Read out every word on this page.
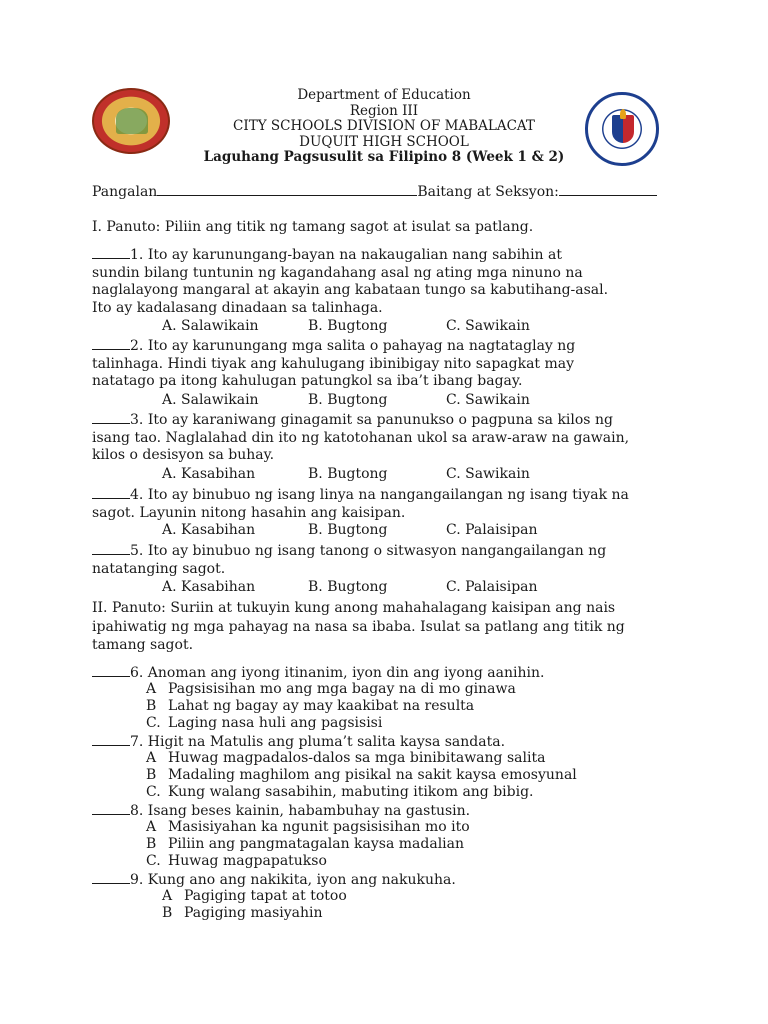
Department of Education
Region III
CITY SCHOOLS DIVISION OF MABALACAT
DUQUIT HIGH SCHOOL
Laguhang Pagsusulit sa Filipino 8 (Week 1 & 2)
Pangalan	Baitang at Seksyon:
I. Panuto: Piliin ang titik ng tamang sagot at isulat sa patlang.
1. Ito ay karunungang-bayan na nakaugalian nang sabihin at
sundin bilang tuntunin ng kagandahang asal ng ating mga ninuno na
naglalayong mangaral at akayin ang kabataan tungo sa kabutihang-asal.
Ito ay kadalasang dinadaan sa talinhaga.
A. Salawikain	B. Bugtong	C. Sawikain
2. Ito ay karunungang mga salita o pahayag na nagtataglay ng
talinhaga. Hindi tiyak ang kahulugang ibinibigay nito sapagkat may
natatago pa itong kahulugan patungkol sa iba’t ibang bagay.
A. Salawikain	B. Bugtong	C. Sawikain
3. Ito ay karaniwang ginagamit sa panunukso o pagpuna sa kilos ng
isang tao. Naglalahad din ito ng katotohanan ukol sa araw-araw na gawain,
kilos o desisyon sa buhay.
A. Kasabihan	B. Bugtong	C. Sawikain
4. Ito ay binubuo ng isang linya na nangangailangan ng isang tiyak na
sagot. Layunin nitong hasahin ang kaisipan.
A. Kasabihan	B. Bugtong	C. Palaisipan
5. Ito ay binubuo ng isang tanong o sitwasyon nangangailangan ng
natatanging sagot.
A. Kasabihan	B. Bugtong	C. Palaisipan
II. Panuto: Suriin at tukuyin kung anong mahahalagang kaisipan ang nais
ipahiwatig ng mga pahayag na nasa sa ibaba. Isulat sa patlang ang titik ng
tamang sagot.
6. Anoman ang iyong itinanim, iyon din ang iyong aanihin.
A Pagsisisihan mo ang mga bagay na di mo ginawa
B Lahat ng bagay ay may kaakibat na resulta
C. Laging nasa huli ang pagsisisi
7. Higit na Matulis ang pluma’t salita kaysa sandata.
A Huwag magpadalos-dalos sa mga binibitawang salita
B Madaling maghilom ang pisikal na sakit kaysa emosyunal
C. Kung walang sasabihin, mabuting itikom ang bibig.
8. Isang beses kainin, habambuhay na gastusin.
A Masisiyahan ka ngunit pagsisisihan mo ito
B Piliin ang pangmatagalan kaysa madalian
C. Huwag magpapatukso
9. Kung ano ang nakikita, iyon ang nakukuha.
A Pagiging tapat at totoo
B Pagiging masiyahin
